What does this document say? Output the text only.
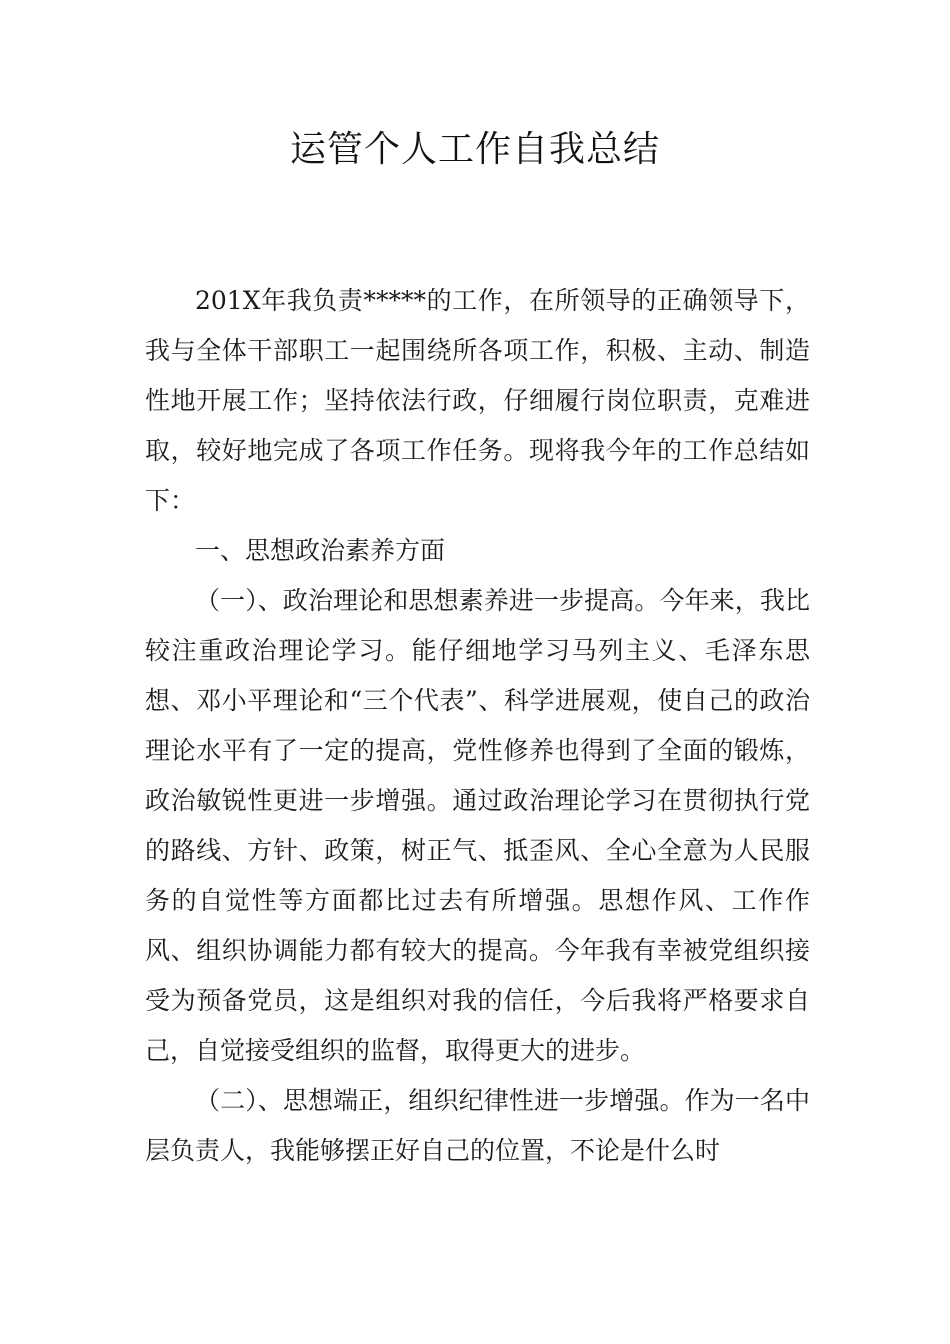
运管个人工作自我总结

201X年我负责*****的工作，在所领导的正确领导下，我与全体干部职工一起围绕所各项工作，积极、主动、制造性地开展工作；坚持依法行政，仔细履行岗位职责，克难进取，较好地完成了各项工作任务。现将我今年的工作总结如下：

一、思想政治素养方面

（一）、政治理论和思想素养进一步提高。今年来，我比较注重政治理论学习。能仔细地学习马列主义、毛泽东思想、邓小平理论和“三个代表”、科学进展观，使自己的政治理论水平有了一定的提高，党性修养也得到了全面的锻炼，政治敏锐性更进一步增强。通过政治理论学习在贯彻执行党的路线、方针、政策，树正气、抵歪风、全心全意为人民服务的自觉性等方面都比过去有所增强。思想作风、工作作风、组织协调能力都有较大的提高。今年我有幸被党组织接受为预备党员，这是组织对我的信任，今后我将严格要求自己，自觉接受组织的监督，取得更大的进步。

（二）、思想端正，组织纪律性进一步增强。作为一名中层负责人，我能够摆正好自己的位置，不论是什么时
